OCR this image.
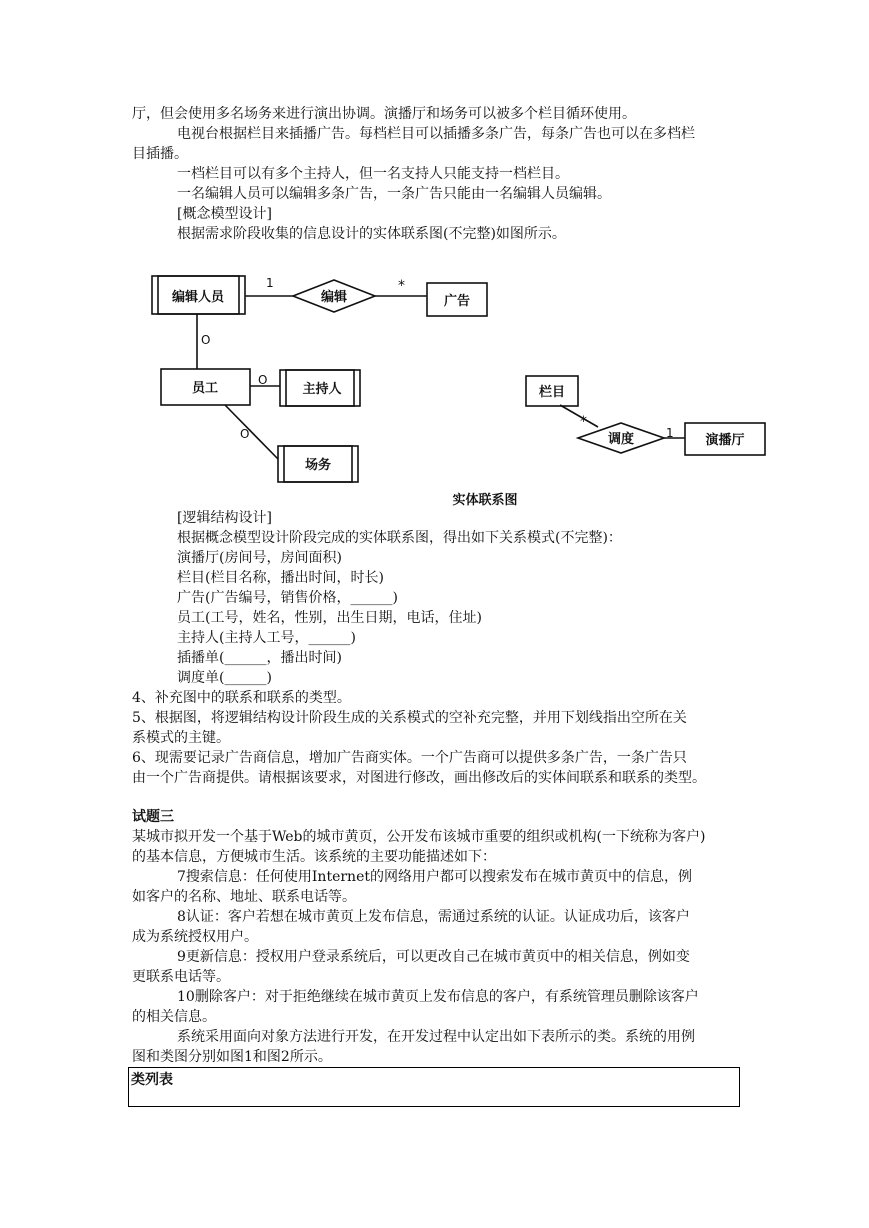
厅，但会使用多名场务来进行演出协调。演播厅和场务可以被多个栏目循环使用。
电视台根据栏目来插播广告。每档栏目可以插播多条广告，每条广告也可以在多档栏
目插播。
一档栏目可以有多个主持人，但一名支持人只能支持一档栏目。
一名编辑人员可以编辑多条广告，一条广告只能由一名编辑人员编辑。
[概念模型设计]
根据需求阶段收集的信息设计的实体联系图(不完整)如图所示。
编辑人员	编辑	广告
员工	主持人
场务
栏目
调度	演播厅
1	*
O
O
O
*
1
实体联系图
[逻辑结构设计]
根据概念模型设计阶段完成的实体联系图，得出如下关系模式(不完整)：
演播厅(房间号，房间面积)
栏目(栏目名称，播出时间，时长)
广告(广告编号，销售价格，______)
员工(工号，姓名，性别，出生日期，电话，住址)
主持人(主持人工号，______)
插播单(______，播出时间)
调度单(______)
4、补充图中的联系和联系的类型。
5、根据图，将逻辑结构设计阶段生成的关系模式的空补充完整，并用下划线指出空所在关
系模式的主键。
6、现需要记录广告商信息，增加广告商实体。一个广告商可以提供多条广告，一条广告只
由一个广告商提供。请根据该要求，对图进行修改，画出修改后的实体间联系和联系的类型。
试题三
某城市拟开发一个基于Web的城市黄页，公开发布该城市重要的组织或机构(一下统称为客户)
的基本信息，方便城市生活。该系统的主要功能描述如下：
7搜索信息：任何使用Internet的网络用户都可以搜索发布在城市黄页中的信息，例
如客户的名称、地址、联系电话等。
8认证：客户若想在城市黄页上发布信息，需通过系统的认证。认证成功后，该客户
成为系统授权用户。
9更新信息：授权用户登录系统后，可以更改自己在城市黄页中的相关信息，例如变
更联系电话等。
10删除客户：对于拒绝继续在城市黄页上发布信息的客户，有系统管理员删除该客户
的相关信息。
系统采用面向对象方法进行开发，在开发过程中认定出如下表所示的类。系统的用例
图和类图分别如图1和图2所示。
类列表
